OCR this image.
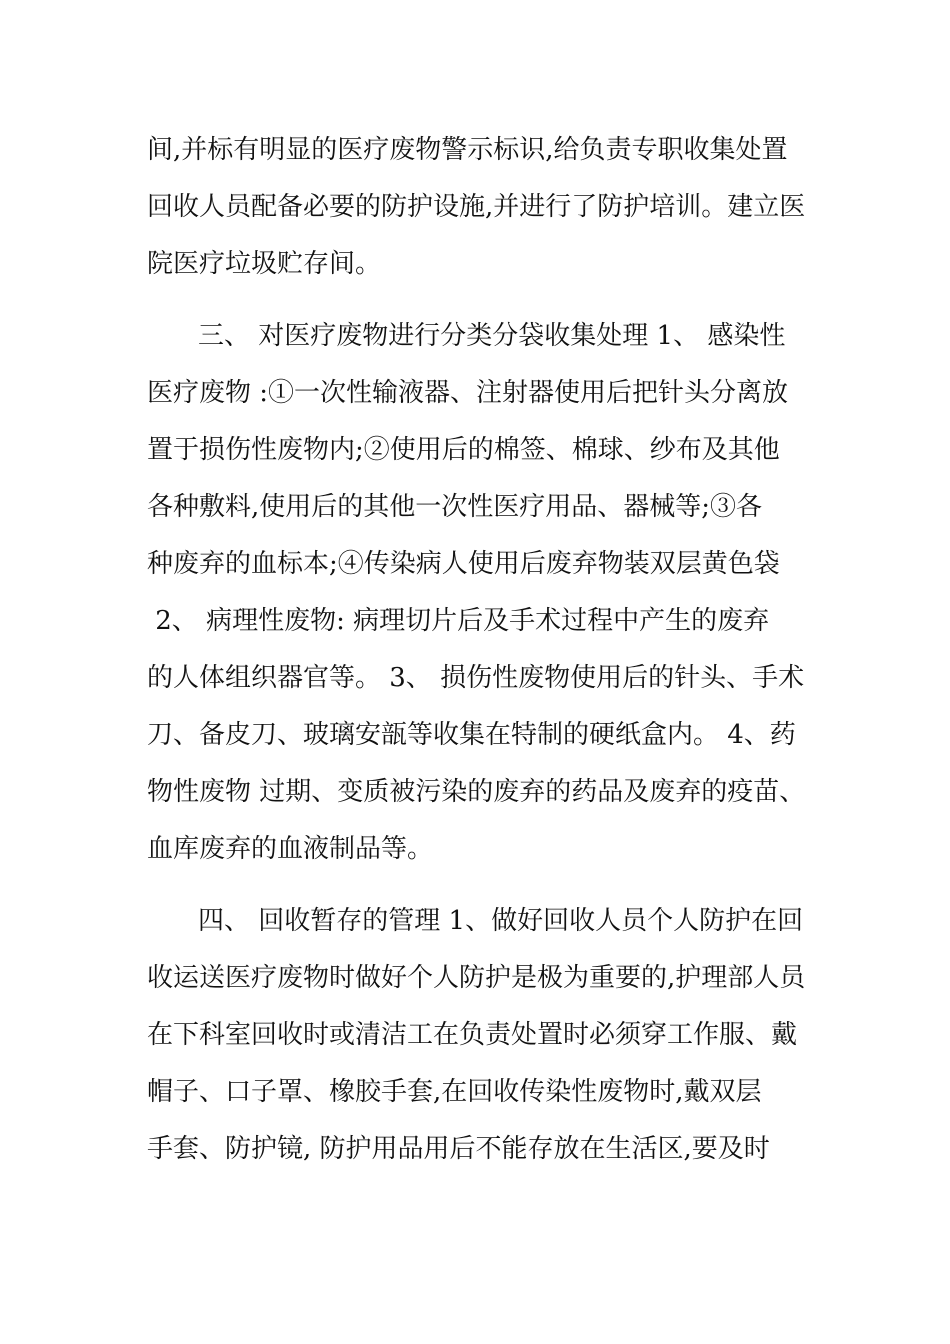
间,并标有明显的医疗废物警示标识,给负责专职收集处置
回收人员配备必要的防护设施,并进行了防护培训。建立医
院医疗垃圾贮存间。
三、 对医疗废物进行分类分袋收集处理 1、 感染性
医疗废物 :①一次性输液器、注射器使用后把针头分离放
置于损伤性废物内;②使用后的棉签、棉球、纱布及其他
各种敷料,使用后的其他一次性医疗用品、器械等;③各
种废弃的血标本;④传染病人使用后废弃物装双层黄色袋
2、 病理性废物: 病理切片后及手术过程中产生的废弃
的人体组织器官等。 3、 损伤性废物使用后的针头、手术
刀、备皮刀、玻璃安瓿等收集在特制的硬纸盒内。 4、药
物性废物 过期、变质被污染的废弃的药品及废弃的疫苗、
血库废弃的血液制品等。
四、 回收暂存的管理 1、做好回收人员个人防护在回
收运送医疗废物时做好个人防护是极为重要的,护理部人员
在下科室回收时或清洁工在负责处置时必须穿工作服、戴
帽子、口子罩、橡胶手套,在回收传染性废物时,戴双层
手套、防护镜, 防护用品用后不能存放在生活区,要及时
